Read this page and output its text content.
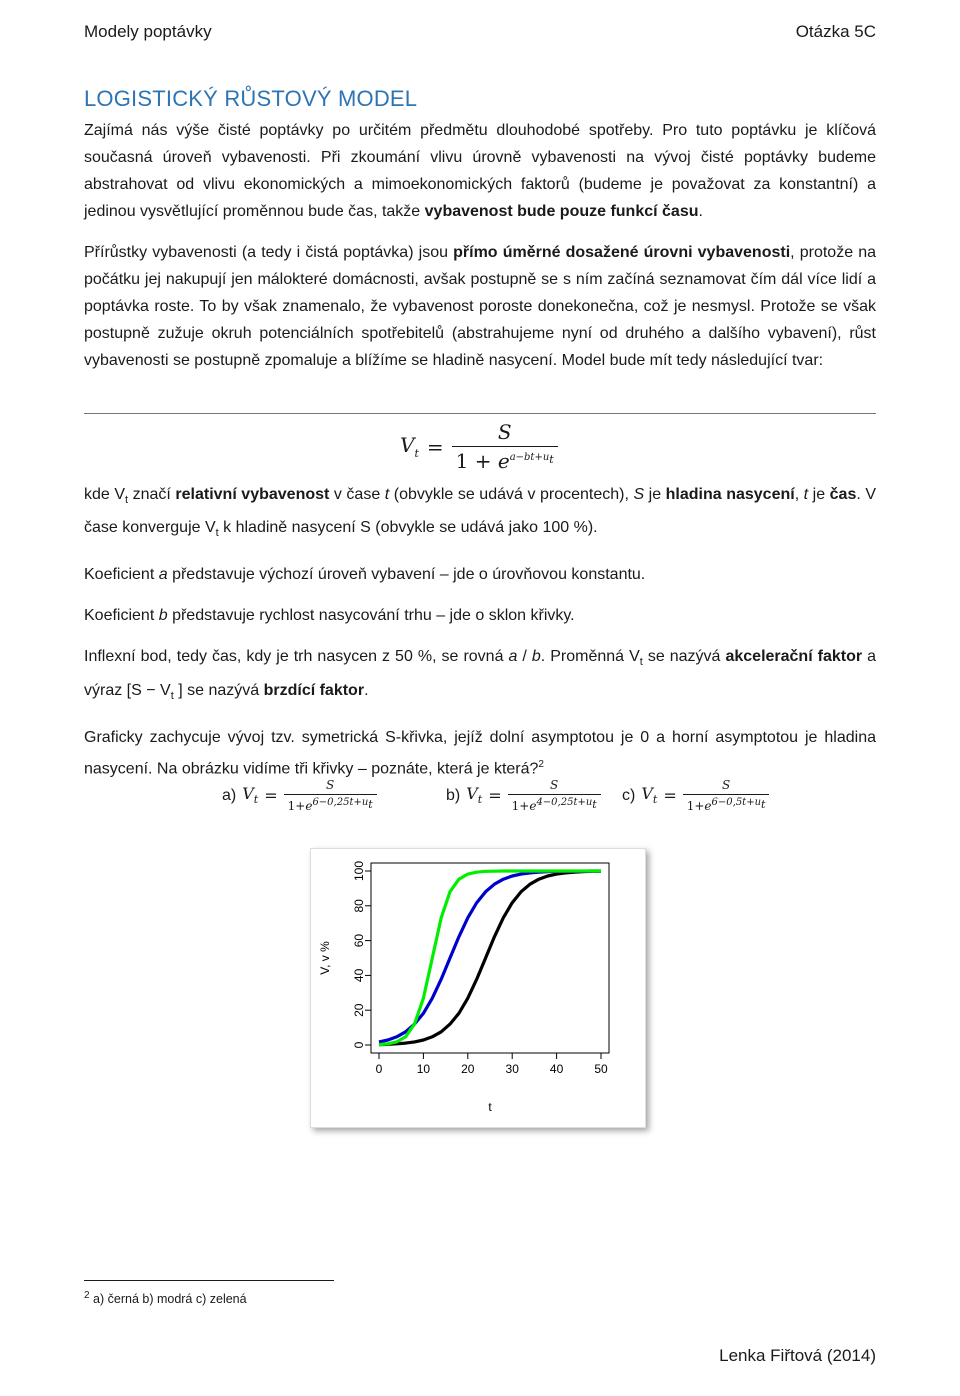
Modely poptávky	Otázka 5C
LOGISTICKÝ RŮSTOVÝ MODEL

Zajímá nás výše čisté poptávky po určitém předmětu dlouhodobé spotřeby. Pro tuto poptávku je klíčová současná úroveň vybavenosti. Při zkoumání vlivu úrovně vybavenosti na vývoj čisté poptávky budeme abstrahovat od vlivu ekonomických a mimoekonomických faktorů (budeme je považovat za konstantní) a jedinou vysvětlující proměnnou bude čas, takže vybavenost bude pouze funkcí času.

Přírůstky vybavenosti (a tedy i čistá poptávka) jsou přímo úměrné dosažené úrovni vybavenosti, protože na počátku jej nakupují jen málokteré domácnosti, avšak postupně se s ním začíná seznamovat čím dál více lidí a poptávka roste. To by však znamenalo, že vybavenost poroste donekonečna, což je nesmysl. Protože se však postupně zužuje okruh potenciálních spotřebitelů (abstrahujeme nyní od druhého a dalšího vybavení), růst vybavenosti se postupně zpomaluje a blížíme se hladině nasycení. Model bude mít tedy následující tvar:

$V_t = \frac{S}{1 + e^{a-bt+u_t}}$

kde $V_t$ značí relativní vybavenost v čase t (obvykle se udává v procentech), S je hladina nasycení, t je čas. V čase konverguje $V_t$ k hladině nasycení S (obvykle se udává jako 100 %).

Koeficient a představuje výchozí úroveň vybavení – jde o úrovňovou konstantu.

Koeficient b představuje rychlost nasycování trhu – jde o sklon křivky.

Inflexní bod, tedy čas, kdy je trh nasycen z 50 %, se rovná a / b. Proměnná $V_t$ se nazývá akcelerační faktor a výraz [$S - V_t$ ] se nazývá brzdící faktor.

Graficky zachycuje vývoj tzv. symetrická S-křivka, jejíž dolní asymptotou je 0 a horní asymptotou je hladina nasycení. Na obrázku vidíme tři křivky – poznáte, která je která?$^2$

a) $V_t = \frac{S}{1+e^{6-0,25t+u_t}}$	b) $V_t = \frac{S}{1+e^{4-0,25t+u_t}} c$) $V_t = \frac{S}{1+e^{6-0,5t+u_t}}$
0
20
40
60
80
100
0	10	20	30	40	50
t
V, v %
$^2$ a) černá b) modrá c) zelená
Lenka Fiřtová (2014)
